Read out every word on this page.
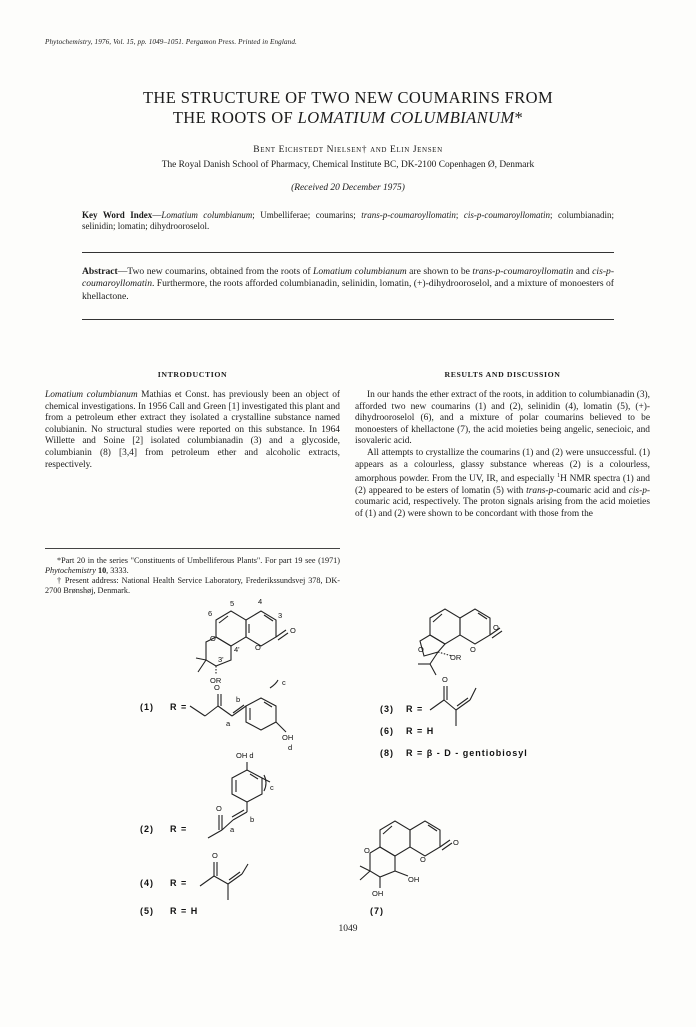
Phytochemistry, 1976, Vol. 15, pp. 1049–1051. Pergamon Press. Printed in England.
THE STRUCTURE OF TWO NEW COUMARINS FROM
THE ROOTS OF LOMATIUM COLUMBIANUM*
Bent Eichstedt Nielsen† and Elin Jensen
The Royal Danish School of Pharmacy, Chemical Institute BC, DK-2100 Copenhagen Ø, Denmark
(Received 20 December 1975)
Key Word Index—Lomatium columbianum; Umbelliferae; coumarins; trans-p-coumaroyllomatin; cis-p-coumaroyllomatin; columbianadin; selinidin; lomatin; dihydrooroselol.
Abstract—Two new coumarins, obtained from the roots of Lomatium columbianum are shown to be trans-p-coumaroyllomatin and cis-p-coumaroyllomatin. Furthermore, the roots afforded columbianadin, selinidin, lomatin, (+)-dihydrooroselol, and a mixture of monoesters of khellactone.
INTRODUCTION	RESULTS AND DISCUSSION

Lomatium columbianum Mathias et Const. has previously been an object of chemical investigations. In 1956 Call and Green [1] investigated this plant and from a petroleum ether extract they isolated a crystalline substance named colubianin. No structural studies were reported on this substance. In 1964 Willette and Soine [2] isolated columbianadin (3) and a glycoside, columbianin (8) [3,4] from petroleum ether and alcoholic extracts, respectively.

*Part 20 in the series "Constituents of Umbelliferous Plants". For part 19 see (1971) Phytochemistry 10, 3333.

† Present address: National Health Service Laboratory, Frederikssundsvej 378, DK-2700 Brønshøj, Denmark.

In our hands the ether extract of the roots, in addition to columbianadin (3), afforded two new coumarins (1) and (2), selinidin (4), lomatin (5), (+)-dihydrooroselol (6), and a mixture of polar coumarins believed to be monoesters of khellactone (7), the acid moieties being angelic, senecioic, and isovaleric acid.

All attempts to crystallize the coumarins (1) and (2) were unsuccessful. (1) appears as a colourless, glassy substance whereas (2) is a colourless, amorphous powder. From the UV, IR, and especially $^1$H NMR spectra (1) and (2) appeared to be esters of lomatin (5) with trans-p-coumaric acid and cis-p-coumaric acid, respectively. The proton signals arising from the acid moieties of (1) and (2) were shown to be concordant with those from the

5	4
6	3
O
O
O
3'
4'
OR
O
a
b
c
OH
d
OH d
c
b
a
O
O
O
O
O
OR
O
O
O
O
OH
OH
(1) R =
(2) R =
(4) R =
(5) R = H
(3) R =
(6) R = H
(8) R = β - D - gentiobiosyl
(7)
1049
